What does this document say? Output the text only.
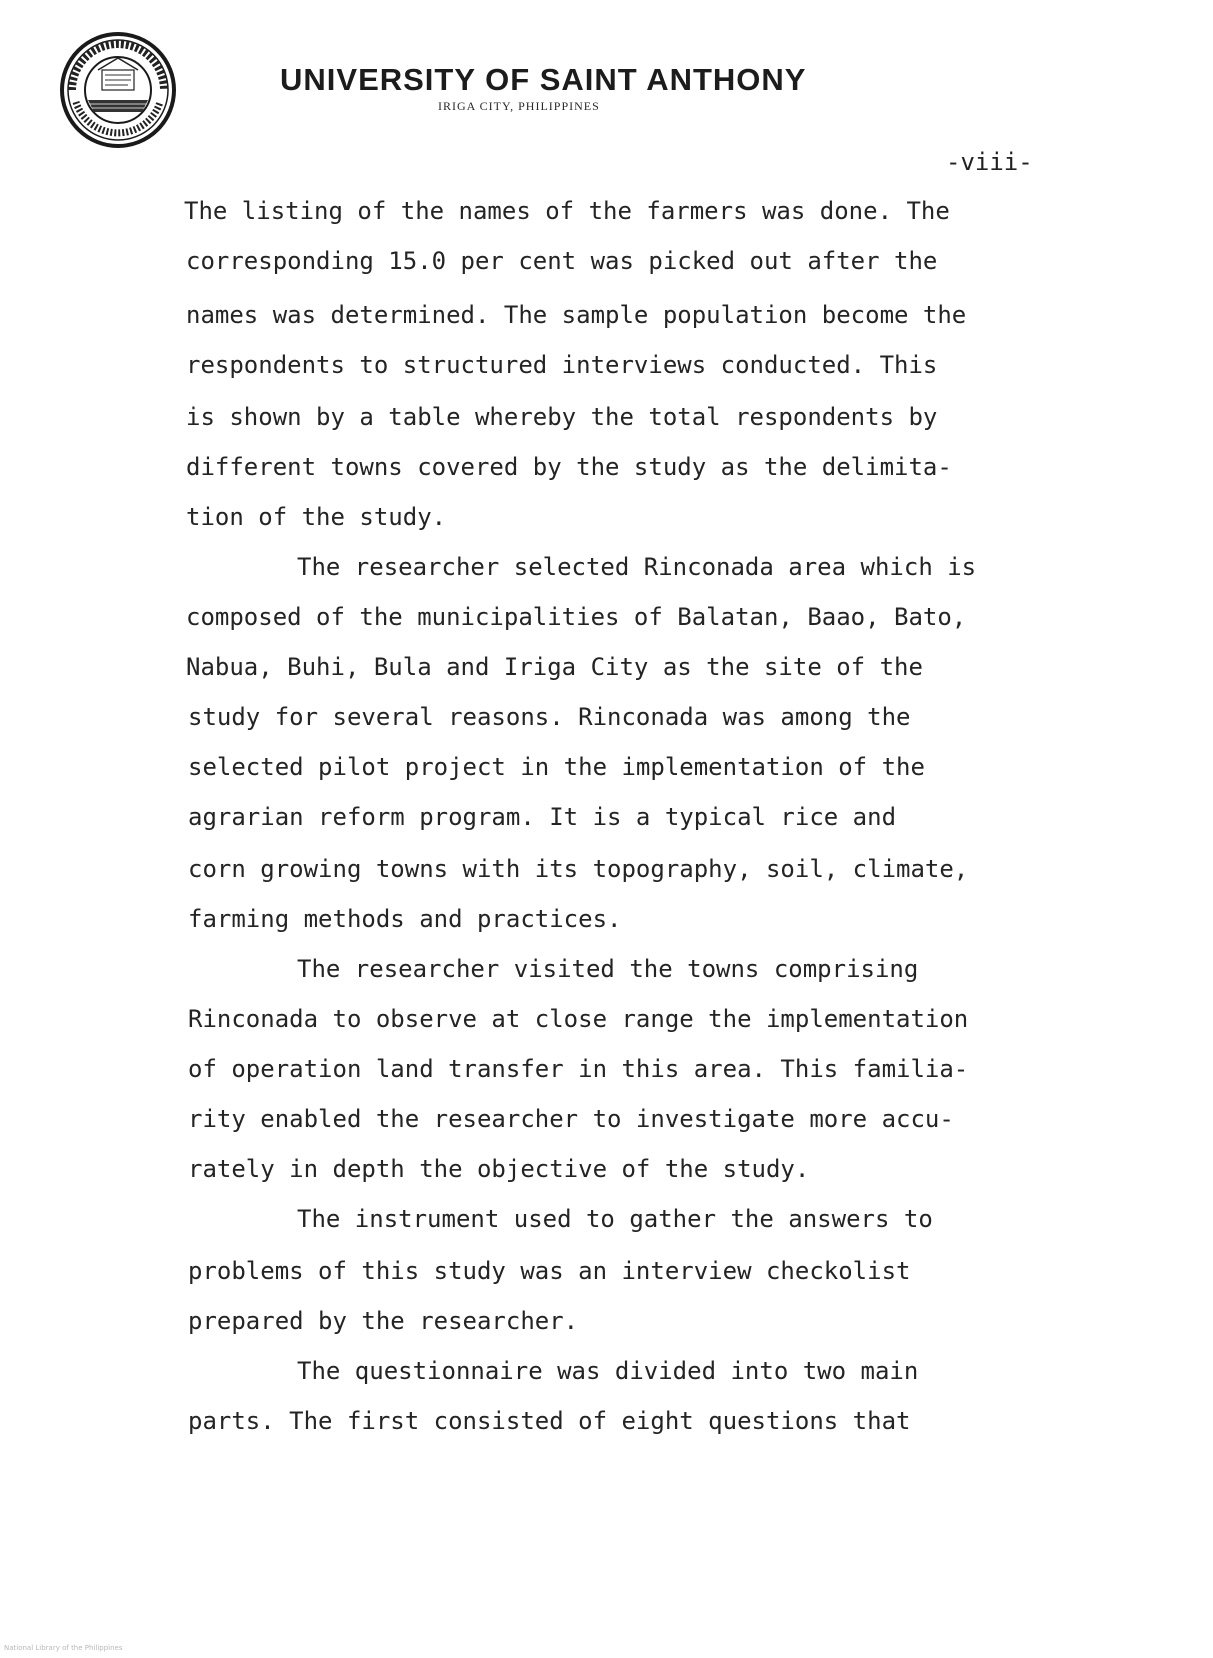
UNIVERSITY OF SAINT ANTHONY
IRIGA CITY, PHILIPPINES
-viii-
The listing of the names of the farmers was done. The
corresponding 15.0 per cent was picked out after the
names was determined. The sample population become the
respondents to structured interviews conducted. This
is shown by a table whereby the total respondents by
different towns covered by the study as the delimita-
tion of the study.
The researcher selected Rinconada area which is
composed of the municipalities of Balatan, Baao, Bato,
Nabua, Buhi, Bula and Iriga City as the site of the
study for several reasons. Rinconada was among the
selected pilot project in the implementation of the
agrarian reform program. It is a typical rice and
corn growing towns with its topography, soil, climate,
farming methods and practices.
The researcher visited the towns comprising
Rinconada to observe at close range the implementation
of operation land transfer in this area. This familia-
rity enabled the researcher to investigate more accu-
rately in depth the objective of the study.
The instrument used to gather the answers to
problems of this study was an interview checkolist
prepared by the researcher.
The questionnaire was divided into two main
parts. The first consisted of eight questions that
National Library of the Philippines
